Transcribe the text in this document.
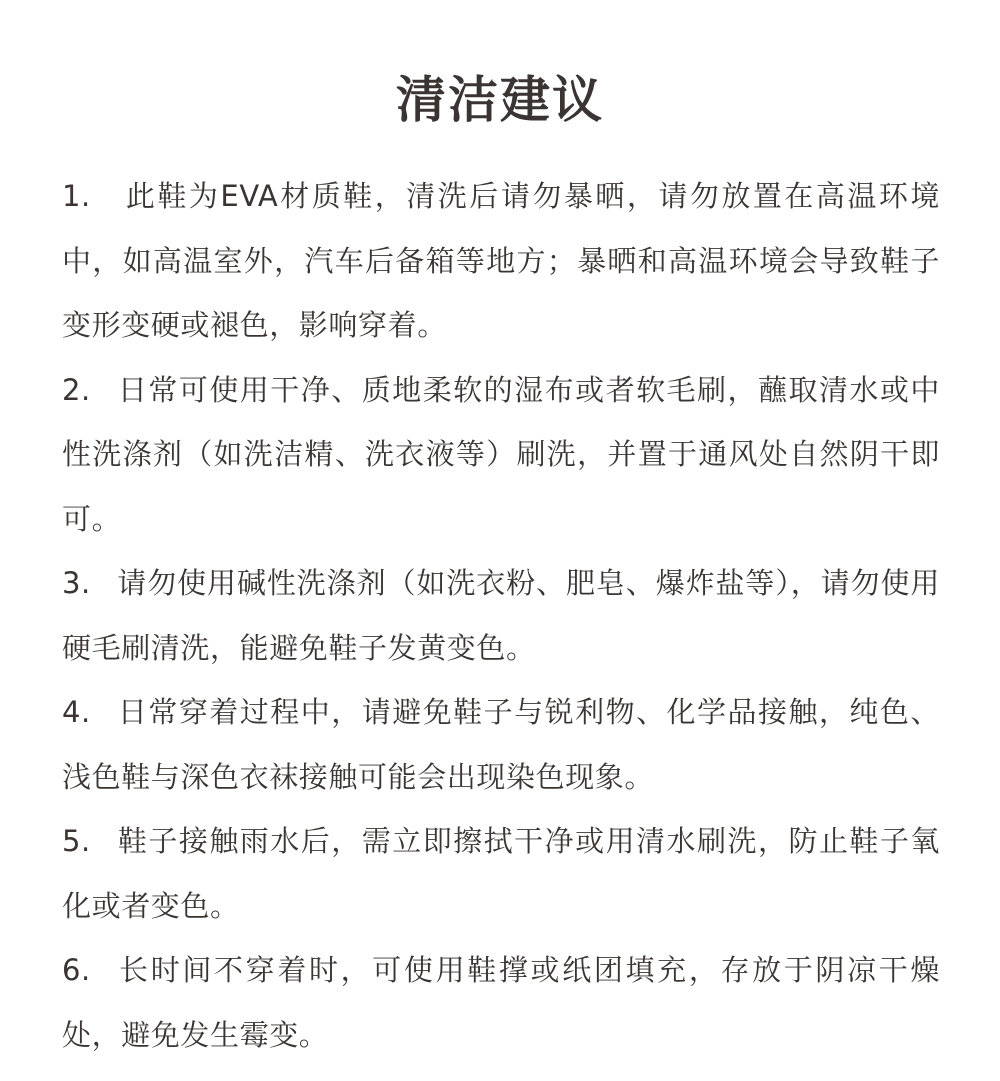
清洁建议
1. 此鞋为EVA材质鞋，清洗后请勿暴晒，请勿放置在高温环境中，如高温室外，汽车后备箱等地方；暴晒和高温环境会导致鞋子变形变硬或褪色，影响穿着。
2. 日常可使用干净、质地柔软的湿布或者软毛刷，蘸取清水或中性洗涤剂（如洗洁精、洗衣液等）刷洗，并置于通风处自然阴干即可。
3. 请勿使用碱性洗涤剂（如洗衣粉、肥皂、爆炸盐等），请勿使用硬毛刷清洗，能避免鞋子发黄变色。
4. 日常穿着过程中，请避免鞋子与锐利物、化学品接触，纯色、浅色鞋与深色衣袜接触可能会出现染色现象。
5. 鞋子接触雨水后，需立即擦拭干净或用清水刷洗，防止鞋子氧化或者变色。
6. 长时间不穿着时，可使用鞋撑或纸团填充，存放于阴凉干燥处，避免发生霉变。
